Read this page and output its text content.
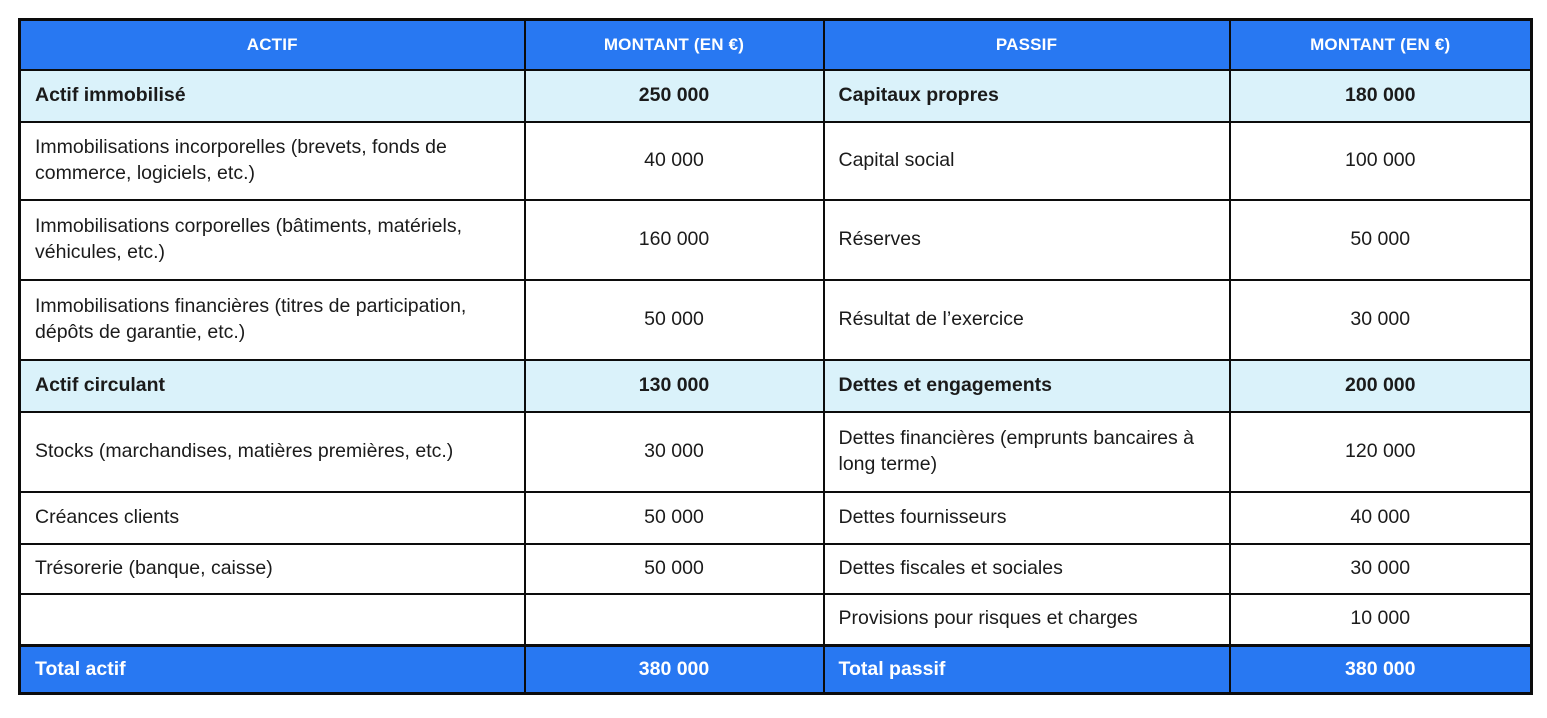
ACTIF	MONTANT (EN €)	PASSIF	MONTANT (EN €)
Actif immobilisé	250 000	Capitaux propres	180 000
Immobilisations incorporelles (brevets, fonds de commerce, logiciels, etc.)	40 000	Capital social	100 000
Immobilisations corporelles (bâtiments, matériels, véhicules, etc.)	160 000	Réserves	50 000
Immobilisations financières (titres de participation, dépôts de garantie, etc.)	50 000	Résultat de l’exercice	30 000
Actif circulant	130 000	Dettes et engagements	200 000
Stocks (marchandises, matières premières, etc.)	30 000	Dettes financières (emprunts bancaires à long terme)	120 000
Créances clients	50 000	Dettes fournisseurs	40 000
Trésorerie (banque, caisse)	50 000	Dettes fiscales et sociales	30 000
		Provisions pour risques et charges	10 000
Total actif	380 000	Total passif	380 000
